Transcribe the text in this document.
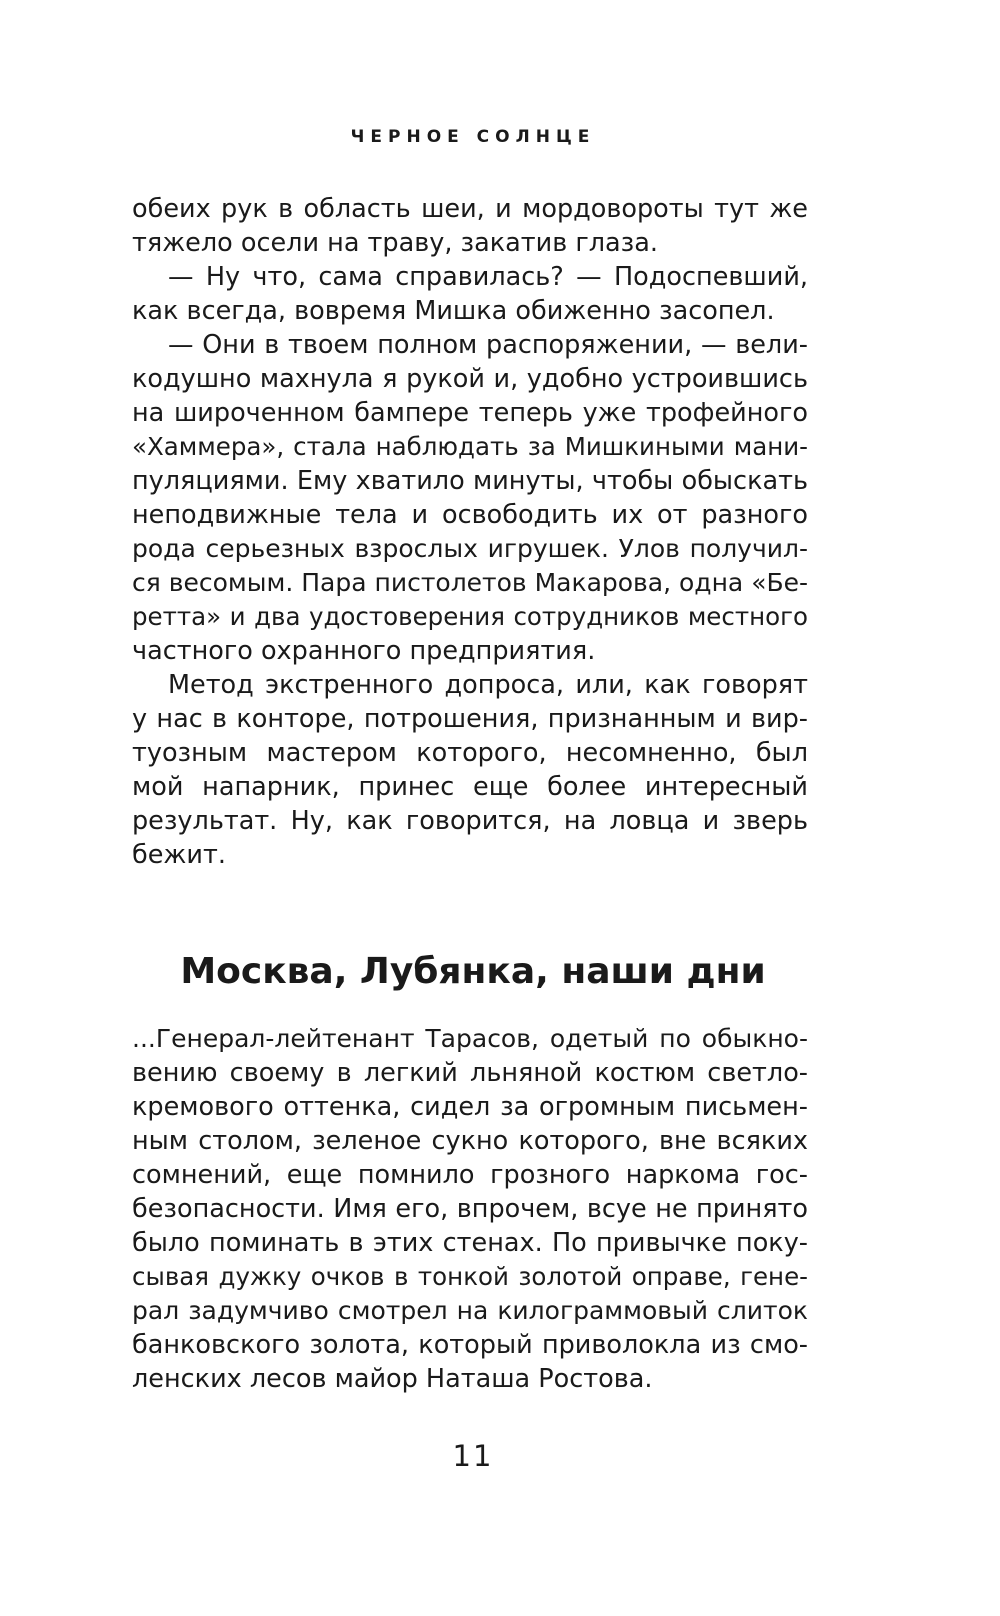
ЧЕРНОЕ СОЛНЦЕ
обеих рук в область шеи, и мордовороты тут же
тяжело осели на траву, закатив глаза.
— Ну что, сама справилась? — Подоспевший,
как всегда, вовремя Мишка обиженно засопел.
— Они в твоем полном распоряжении, — вели-
кодушно махнула я рукой и, удобно устроившись
на широченном бампере теперь уже трофейного
«Хаммера», стала наблюдать за Мишкиными мани-
пуляциями. Ему хватило минуты, чтобы обыскать
неподвижные тела и освободить их от разного
рода серьезных взрослых игрушек. Улов получил-
ся весомым. Пара пистолетов Макарова, одна «Бе-
ретта» и два удостоверения сотрудников местного
частного охранного предприятия.
Метод экстренного допроса, или, как говорят
у нас в конторе, потрошения, признанным и вир-
туозным мастером которого, несомненно, был
мой напарник, принес еще более интересный
результат. Ну, как говорится, на ловца и зверь
бежит.
Москва, Лубянка, наши дни
...Генерал-лейтенант Тарасов, одетый по обыкно-
вению своему в легкий льняной костюм светло-
кремового оттенка, сидел за огромным письмен-
ным столом, зеленое сукно которого, вне всяких
сомнений, еще помнило грозного наркома гос-
безопасности. Имя его, впрочем, всуе не принято
было поминать в этих стенах. По привычке поку-
сывая дужку очков в тонкой золотой оправе, гене-
рал задумчиво смотрел на килограммовый слиток
банковского золота, который приволокла из смо-
ленских лесов майор Наташа Ростова.
11
